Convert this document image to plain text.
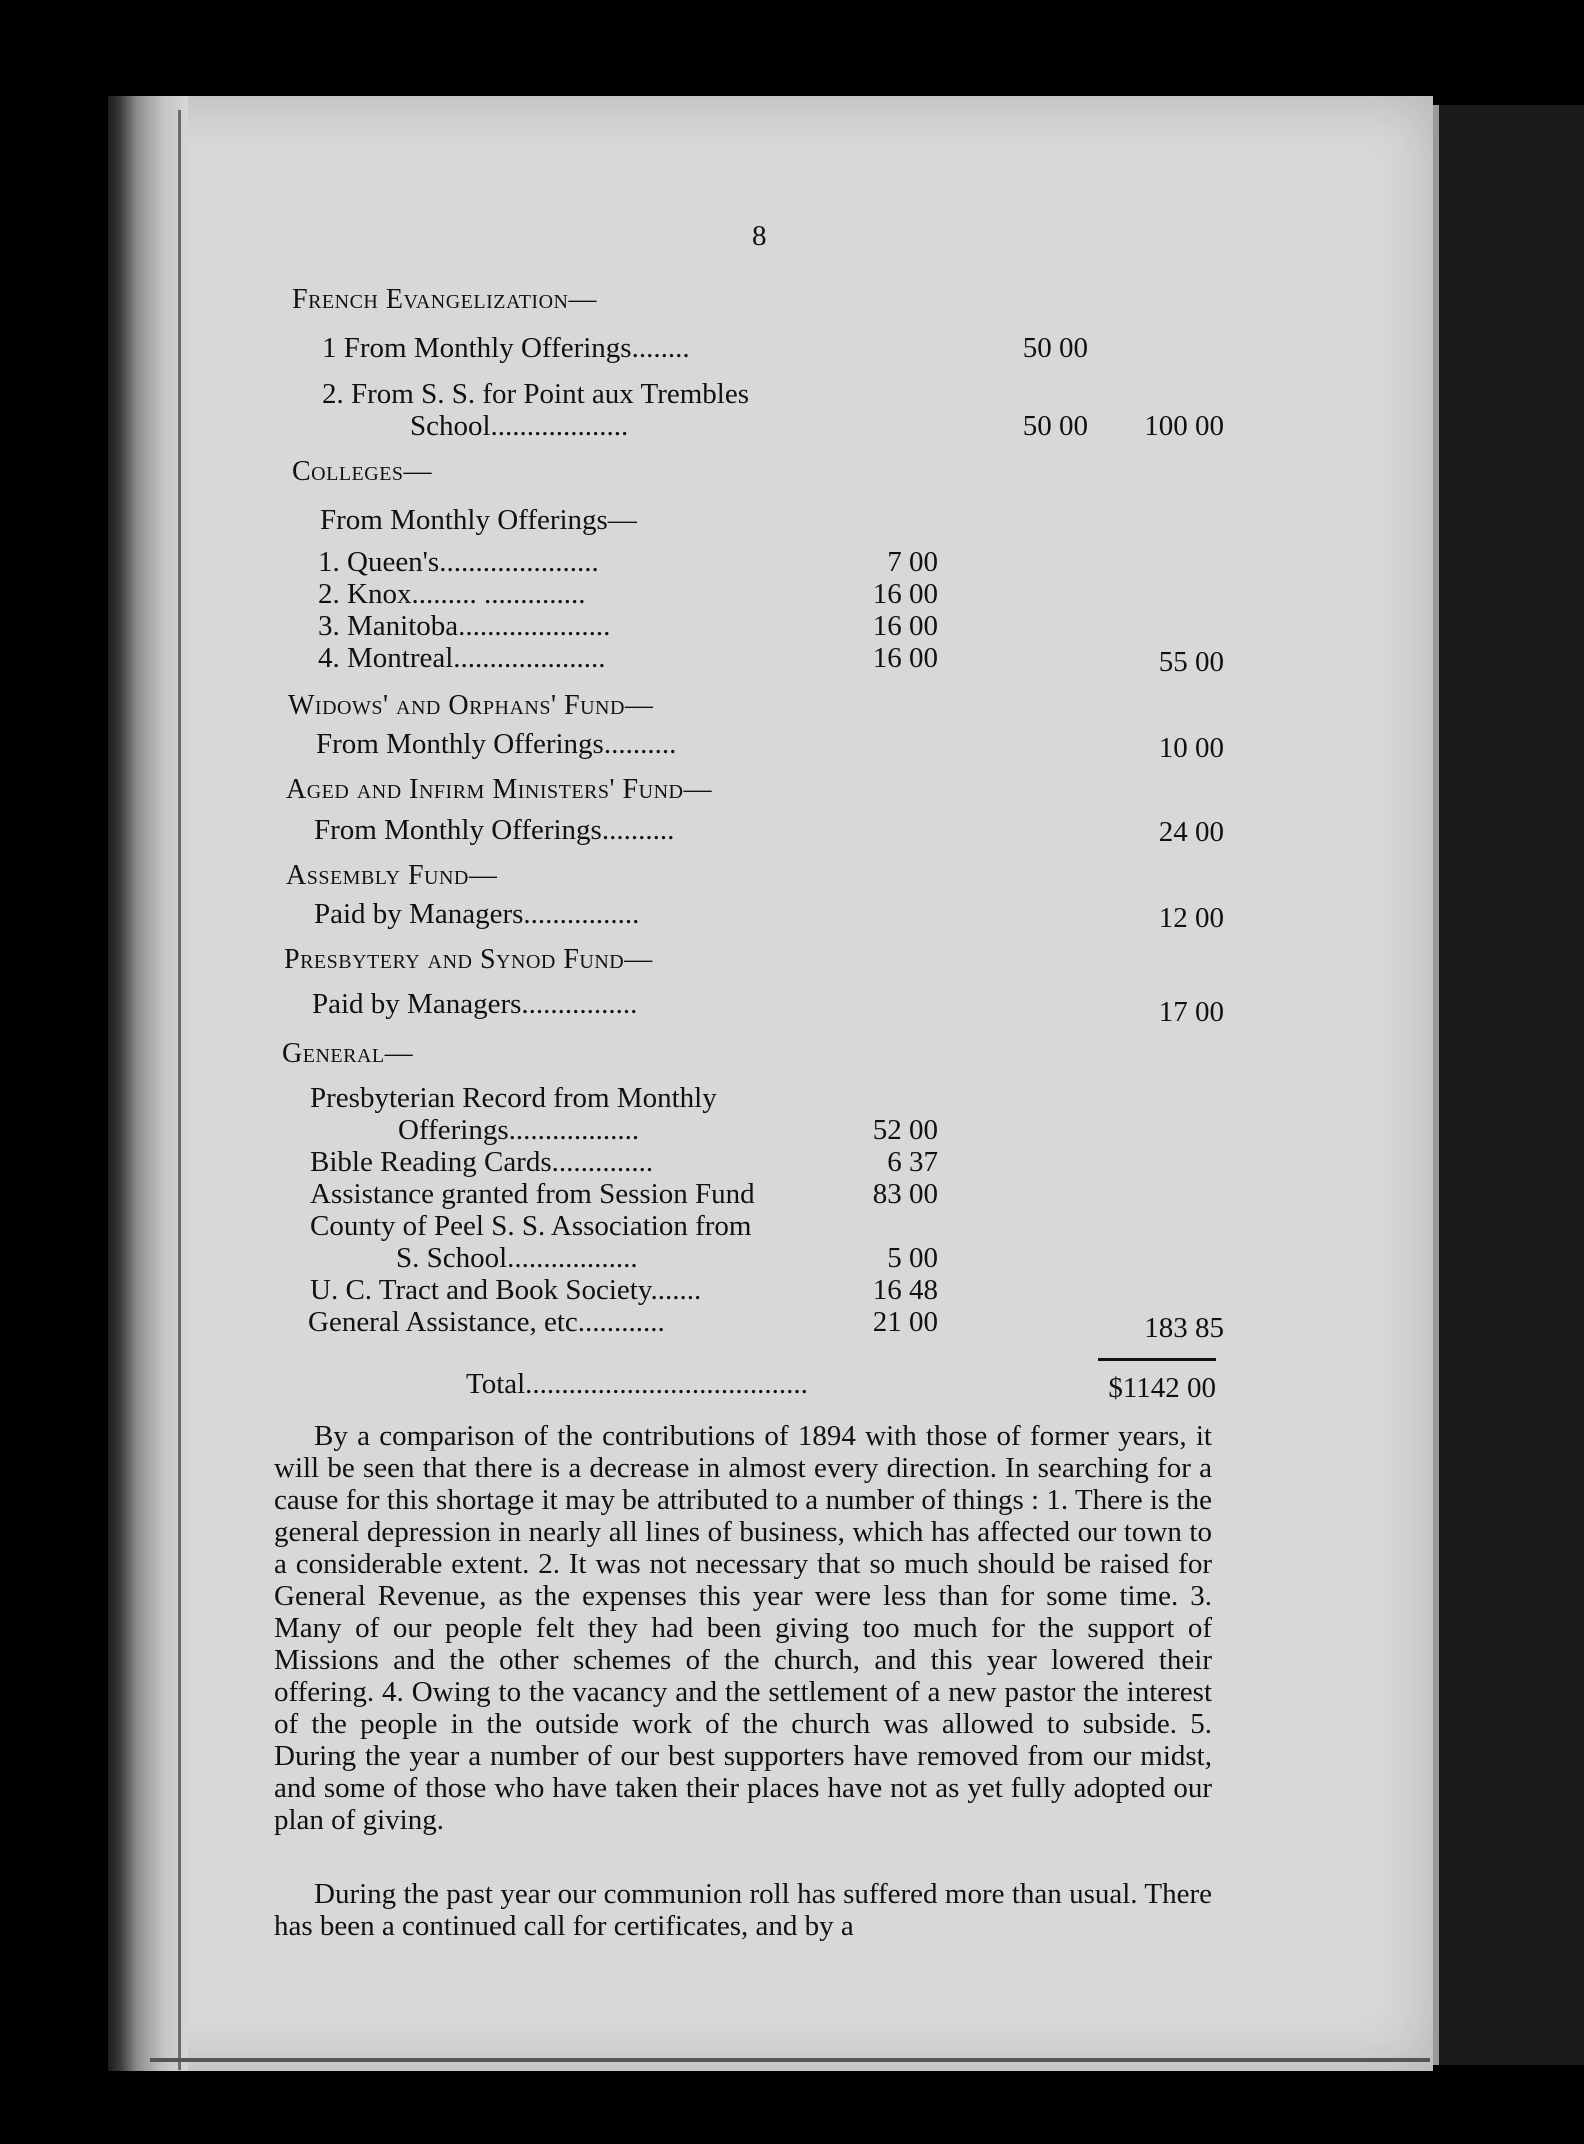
8
French Evangelization—
1 From Monthly Offerings........	50 00
2. From S. S. for Point aux Trembles
School...................	50 00	100 00
Colleges—
From Monthly Offerings—
1. Queen's......................	7 00
2. Knox......... ..............	16 00
3. Manitoba.....................	16 00
4. Montreal.....................	16 00	55 00
Widows' and Orphans' Fund—
From Monthly Offerings..........	10 00
Aged and Infirm Ministers' Fund—
From Monthly Offerings..........	24 00
Assembly Fund—
Paid by Managers................	12 00
Presbytery and Synod Fund—
Paid by Managers................	17 00
General—
Presbyterian Record from Monthly
Offerings..................	52 00
Bible Reading Cards..............	6 37
Assistance granted from Session Fund	83 00
County of Peel S. S. Association from
S. School..................	5 00
U. C. Tract and Book Society.......	16 48
General Assistance, etc............	21 00	183 85
Total.......................................	$1142 00

By a comparison of the contributions of 1894 with those of former years, it will be seen that there is a decrease in almost every direction. In searching for a cause for this shortage it may be attributed to a number of things : 1. There is the general depression in nearly all lines of business, which has affected our town to a considerable extent. 2. It was not necessary that so much should be raised for General Revenue, as the expenses this year were less than for some time. 3. Many of our people felt they had been giving too much for the support of Missions and the other schemes of the church, and this year lowered their offering. 4. Owing to the vacancy and the settlement of a new pastor the interest of the people in the outside work of the church was allowed to subside. 5. During the year a number of our best supporters have removed from our midst, and some of those who have taken their places have not as yet fully adopted our plan of giving.

During the past year our communion roll has suffered more than usual. There has been a continued call for certificates, and by a
